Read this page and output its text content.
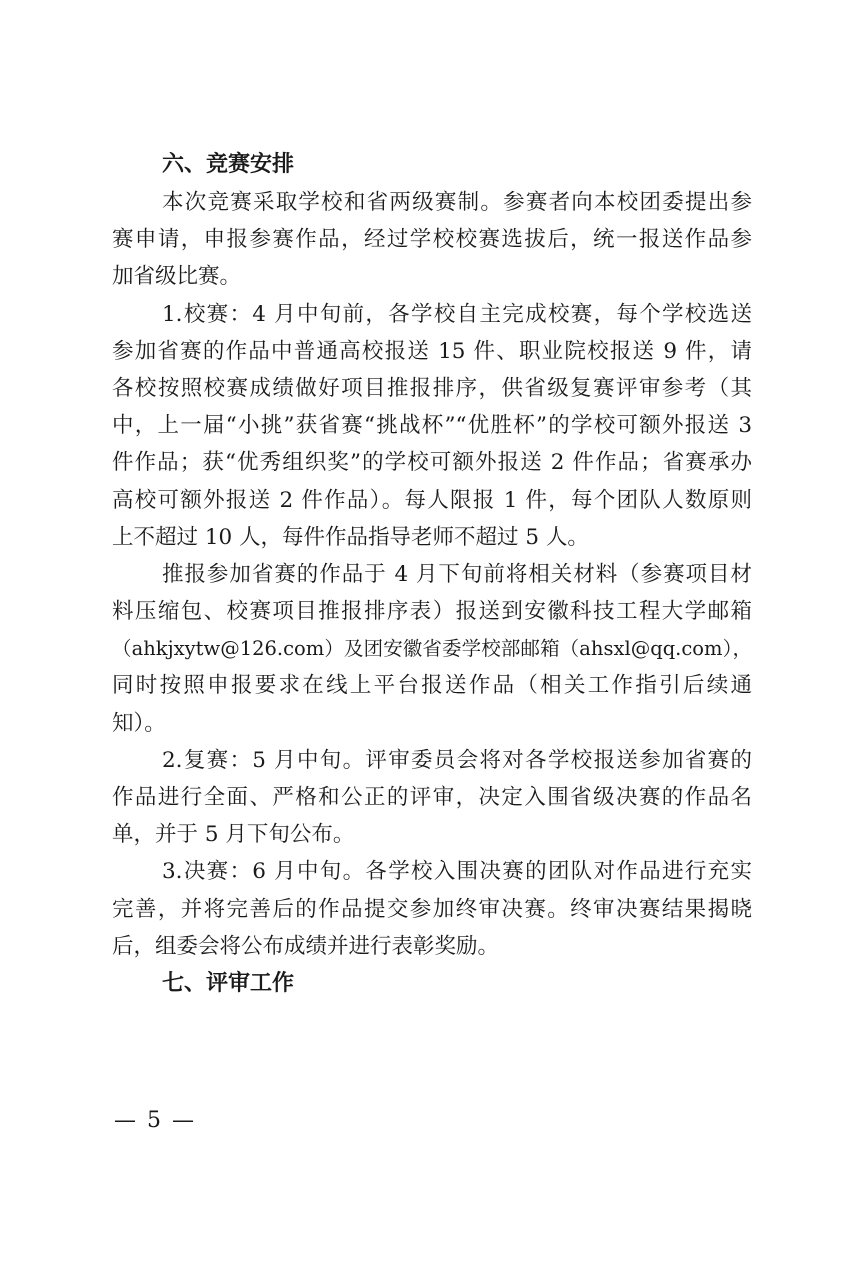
六、竞赛安排
本次竞赛采取学校和省两级赛制。参赛者向本校团委提出参
赛申请，申报参赛作品，经过学校校赛选拔后，统一报送作品参
加省级比赛。
1.校赛：4 月中旬前，各学校自主完成校赛，每个学校选送
参加省赛的作品中普通高校报送 15 件、职业院校报送 9 件，请
各校按照校赛成绩做好项目推报排序，供省级复赛评审参考（其
中，上一届“小挑”获省赛“挑战杯”“优胜杯”的学校可额外报送 3
件作品；获“优秀组织奖”的学校可额外报送 2 件作品；省赛承办
高校可额外报送 2 件作品）。每人限报 1 件，每个团队人数原则
上不超过 10 人，每件作品指导老师不超过 5 人。
推报参加省赛的作品于 4 月下旬前将相关材料（参赛项目材
料压缩包、校赛项目推报排序表）报送到安徽科技工程大学邮箱
（ahkjxytw@126.com）及团安徽省委学校部邮箱（ahsxl@qq.com），
同时按照申报要求在线上平台报送作品（相关工作指引后续通
知）。
2.复赛：5 月中旬。评审委员会将对各学校报送参加省赛的
作品进行全面、严格和公正的评审，决定入围省级决赛的作品名
单，并于 5 月下旬公布。
3.决赛：6 月中旬。各学校入围决赛的团队对作品进行充实
完善，并将完善后的作品提交参加终审决赛。终审决赛结果揭晓
后，组委会将公布成绩并进行表彰奖励。
七、评审工作
— 5 —
